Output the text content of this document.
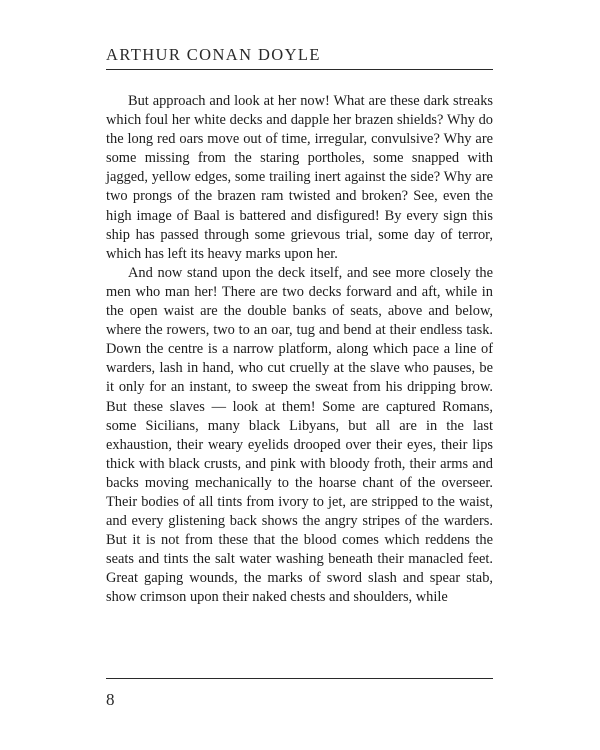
ARTHUR CONAN DOYLE

But approach and look at her now! What are these dark streaks which foul her white decks and dapple her brazen shields? Why do the long red oars move out of time, irregular, convulsive? Why are some missing from the staring portholes, some snapped with jagged, yellow edges, some trailing inert against the side? Why are two prongs of the brazen ram twisted and broken? See, even the high image of Baal is battered and disfigured! By every sign this ship has passed through some grievous trial, some day of terror, which has left its heavy marks upon her.

And now stand upon the deck itself, and see more closely the men who man her! There are two decks forward and aft, while in the open waist are the double banks of seats, above and below, where the rowers, two to an oar, tug and bend at their endless task. Down the centre is a narrow platform, along which pace a line of warders, lash in hand, who cut cruelly at the slave who pauses, be it only for an instant, to sweep the sweat from his dripping brow. But these slaves — look at them! Some are captured Romans, some Sicilians, many black Libyans, but all are in the last exhaustion, their weary eyelids drooped over their eyes, their lips thick with black crusts, and pink with bloody froth, their arms and backs moving mechanically to the hoarse chant of the overseer. Their bodies of all tints from ivory to jet, are stripped to the waist, and every glistening back shows the angry stripes of the warders. But it is not from these that the blood comes which reddens the seats and tints the salt water washing beneath their manacled feet. Great gaping wounds, the marks of sword slash and spear stab, show crimson upon their naked chests and shoulders, while

8
